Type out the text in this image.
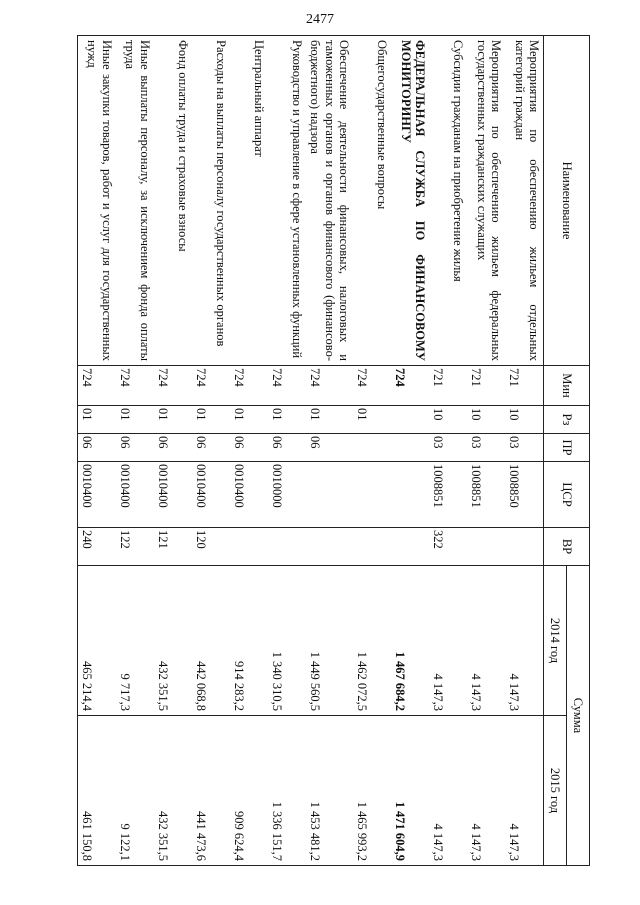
2477
Наименование	Мин	Рз	ПР	ЦСР	ВР	Сумма	
						2014 год	2015 год
Мероприятия по обеспечению жильем отдельных категорий граждан	721	10	03	1008850		4 147,3	4 147,3
Мероприятия по обеспечению жильем федеральных государственных гражданских служащих	721	10	03	1008851		4 147,3	4 147,3
Субсидии гражданам на приобретение жилья	721	10	03	1008851	322	4 147,3	4 147,3
ФЕДЕРАЛЬНАЯ СЛУЖБА ПО ФИНАНСОВОМУ МОНИТОРИНГУ	724					1 467 684,2	1 471 604,9
Общегосударственные вопросы	724	01				1 462 072,5	1 465 993,2
Обеспечение деятельности финансовых, налоговых и таможенных органов и органов финансового (финансово-бюджетного) надзора	724	01	06			1 449 560,5	1 453 481,2
Руководство и управление в сфере установленных функций	724	01	06	0010000		1 340 310,5	1 336 151,7
Центральный аппарат	724	01	06	0010400		914 283,2	909 624,4
Расходы на выплаты персоналу государственных органов	724	01	06	0010400	120	442 068,8	441 473,6
Фонд оплаты труда и страховые взносы	724	01	06	0010400	121	432 351,5	432 351,5
Иные выплаты персоналу, за исключением фонда оплаты труда	724	01	06	0010400	122	9 717,3	9 122,1
Иные закупки товаров, работ и услуг для государственных нужд	724	01	06	0010400	240	465 214,4	461 150,8
